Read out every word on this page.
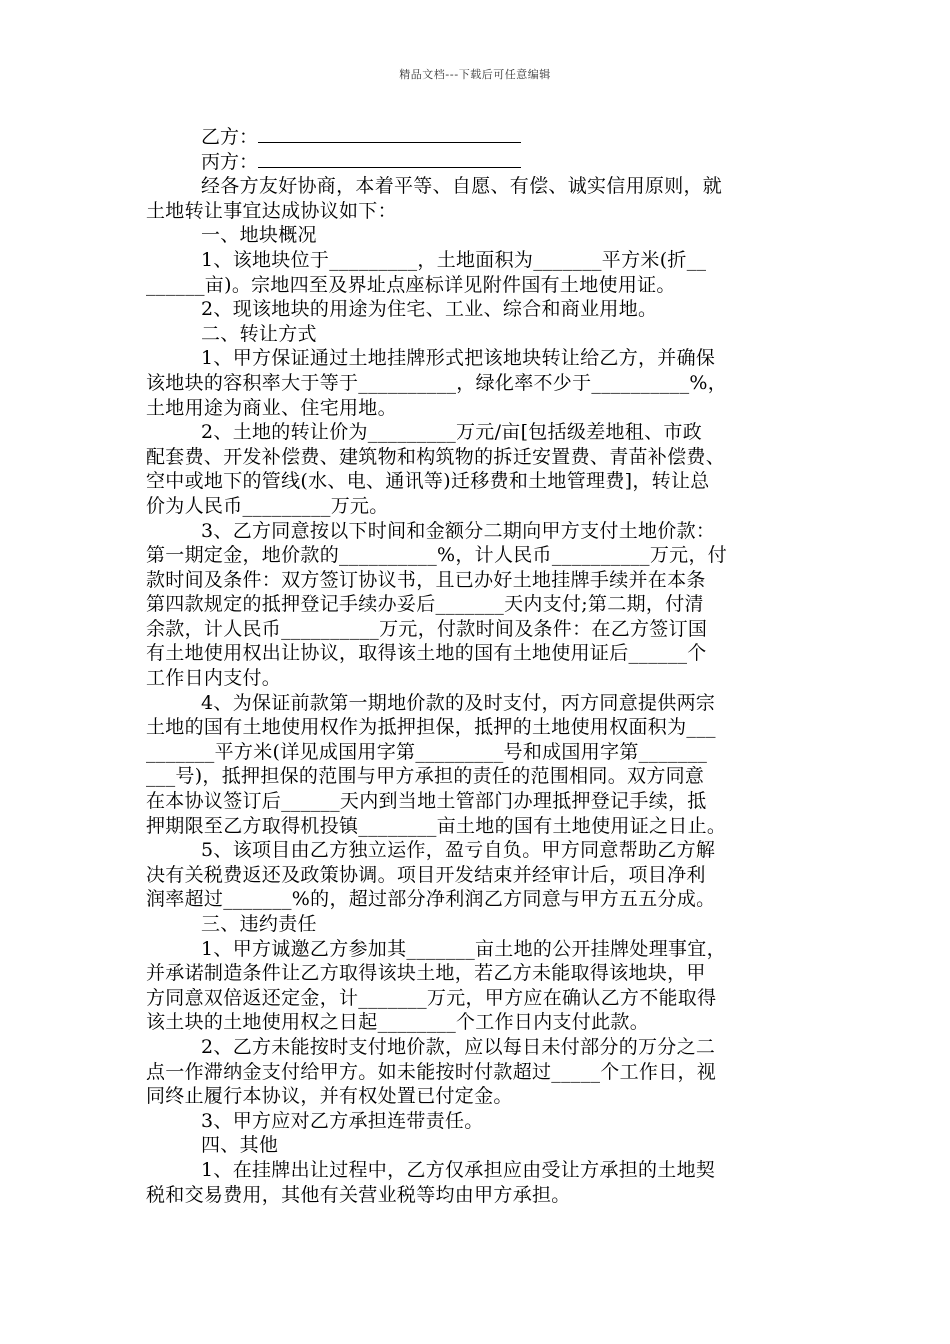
精品文档---下载后可任意编辑
乙方：
丙方：
经各方友好协商，本着平等、自愿、有偿、诚实信用原则，就
土地转让事宜达成协议如下：
一、地块概况
1、该地块位于_________，土地面积为_______平方米(折__
______亩)。宗地四至及界址点座标详见附件国有土地使用证。
2、现该地块的用途为住宅、工业、综合和商业用地。
二、转让方式
1、甲方保证通过土地挂牌形式把该地块转让给乙方，并确保
该地块的容积率大于等于__________，绿化率不少于__________%，
土地用途为商业、住宅用地。
2、土地的转让价为_________万元/亩[包括级差地租、市政
配套费、开发补偿费、建筑物和构筑物的拆迁安置费、青苗补偿费、
空中或地下的管线(水、电、通讯等)迁移费和土地管理费]，转让总
价为人民币_________万元。
3、乙方同意按以下时间和金额分二期向甲方支付土地价款：
第一期定金，地价款的__________%，计人民币__________万元，付
款时间及条件：双方签订协议书，且已办好土地挂牌手续并在本条
第四款规定的抵押登记手续办妥后_______天内支付;第二期，付清
余款，计人民币__________万元，付款时间及条件：在乙方签订国
有土地使用权出让协议，取得该土地的国有土地使用证后______个
工作日内支付。
4、为保证前款第一期地价款的及时支付，丙方同意提供两宗
土地的国有土地使用权作为抵押担保，抵押的土地使用权面积为___
_______平方米(详见成国用字第_________号和成国用字第_______
___号)，抵押担保的范围与甲方承担的责任的范围相同。双方同意
在本协议签订后______天内到当地土管部门办理抵押登记手续，抵
押期限至乙方取得机投镇________亩土地的国有土地使用证之日止。
5、该项目由乙方独立运作，盈亏自负。甲方同意帮助乙方解
决有关税费返还及政策协调。项目开发结束并经审计后，项目净利
润率超过_______%的，超过部分净利润乙方同意与甲方五五分成。
三、违约责任
1、甲方诚邀乙方参加其_______亩土地的公开挂牌处理事宜，
并承诺制造条件让乙方取得该块土地，若乙方未能取得该地块，甲
方同意双倍返还定金，计_______万元，甲方应在确认乙方不能取得
该土块的土地使用权之日起________个工作日内支付此款。
2、乙方未能按时支付地价款，应以每日未付部分的万分之二
点一作滞纳金支付给甲方。如未能按时付款超过_____个工作日，视
同终止履行本协议，并有权处置已付定金。
3、甲方应对乙方承担连带责任。
四、其他
1、在挂牌出让过程中，乙方仅承担应由受让方承担的土地契
税和交易费用，其他有关营业税等均由甲方承担。
